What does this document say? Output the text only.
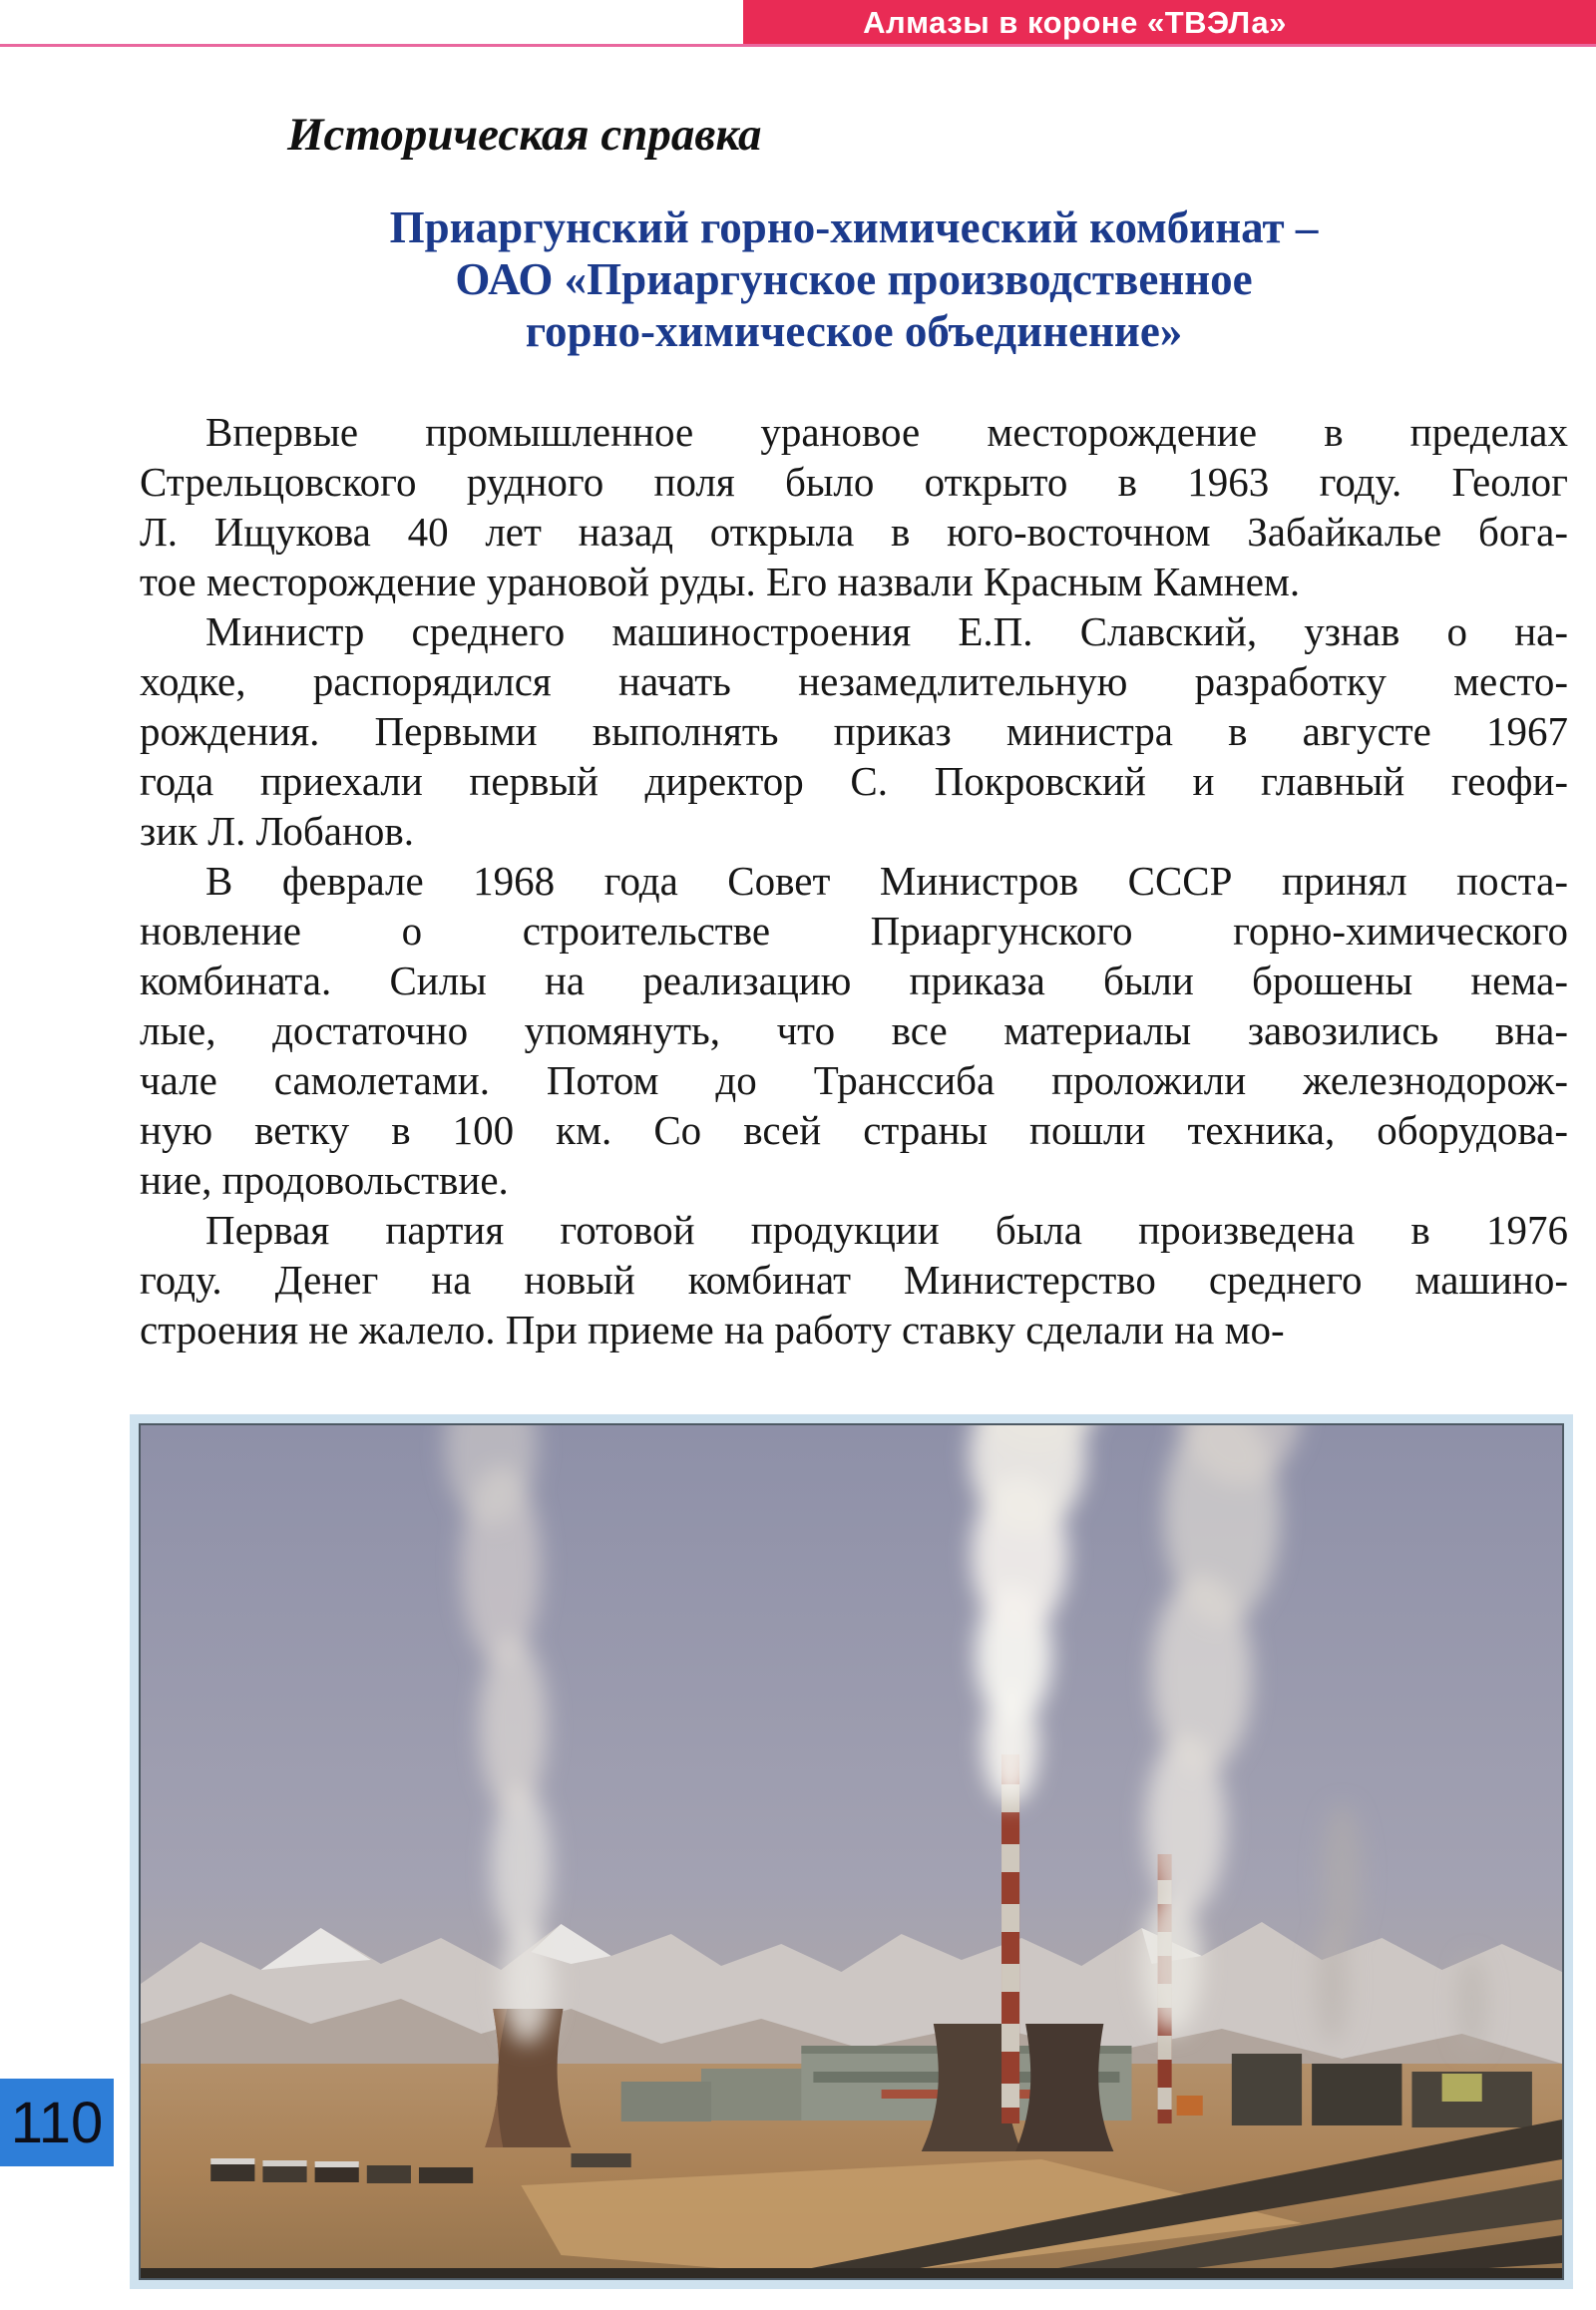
Алмазы в короне «ТВЭЛа»
Историческая справка
Приаргунский горно-химический комбинат –
ОАО «Приаргунское производственное
горно-химическое объединение»
Впервые промышленное урановое месторождение в пределах
Стрельцовского рудного поля было открыто в 1963 году. Геолог
Л. Ищукова 40 лет назад открыла в юго-восточном Забайкалье бога-
тое месторождение урановой руды. Его назвали Красным Камнем.
Министр среднего машиностроения Е.П. Славский, узнав о на-
ходке, распорядился начать незамедлительную разработку место-
рождения. Первыми выполнять приказ министра в августе 1967
года приехали первый директор С. Покровский и главный геофи-
зик Л. Лобанов.
В феврале 1968 года Совет Министров СССР принял поста-
новление о строительстве Приаргунского горно-химического
комбината. Силы на реализацию приказа были брошены нема-
лые, достаточно упомянуть, что все материалы завозились вна-
чале самолетами. Потом до Транссиба проложили железнодорож-
ную ветку в 100 км. Со всей страны пошли техника, оборудова-
ние, продовольствие.
Первая партия готовой продукции была произведена в 1976
году. Денег на новый комбинат Министерство среднего машино-
строения не жалело. При приеме на работу ставку сделали на мо-
110
